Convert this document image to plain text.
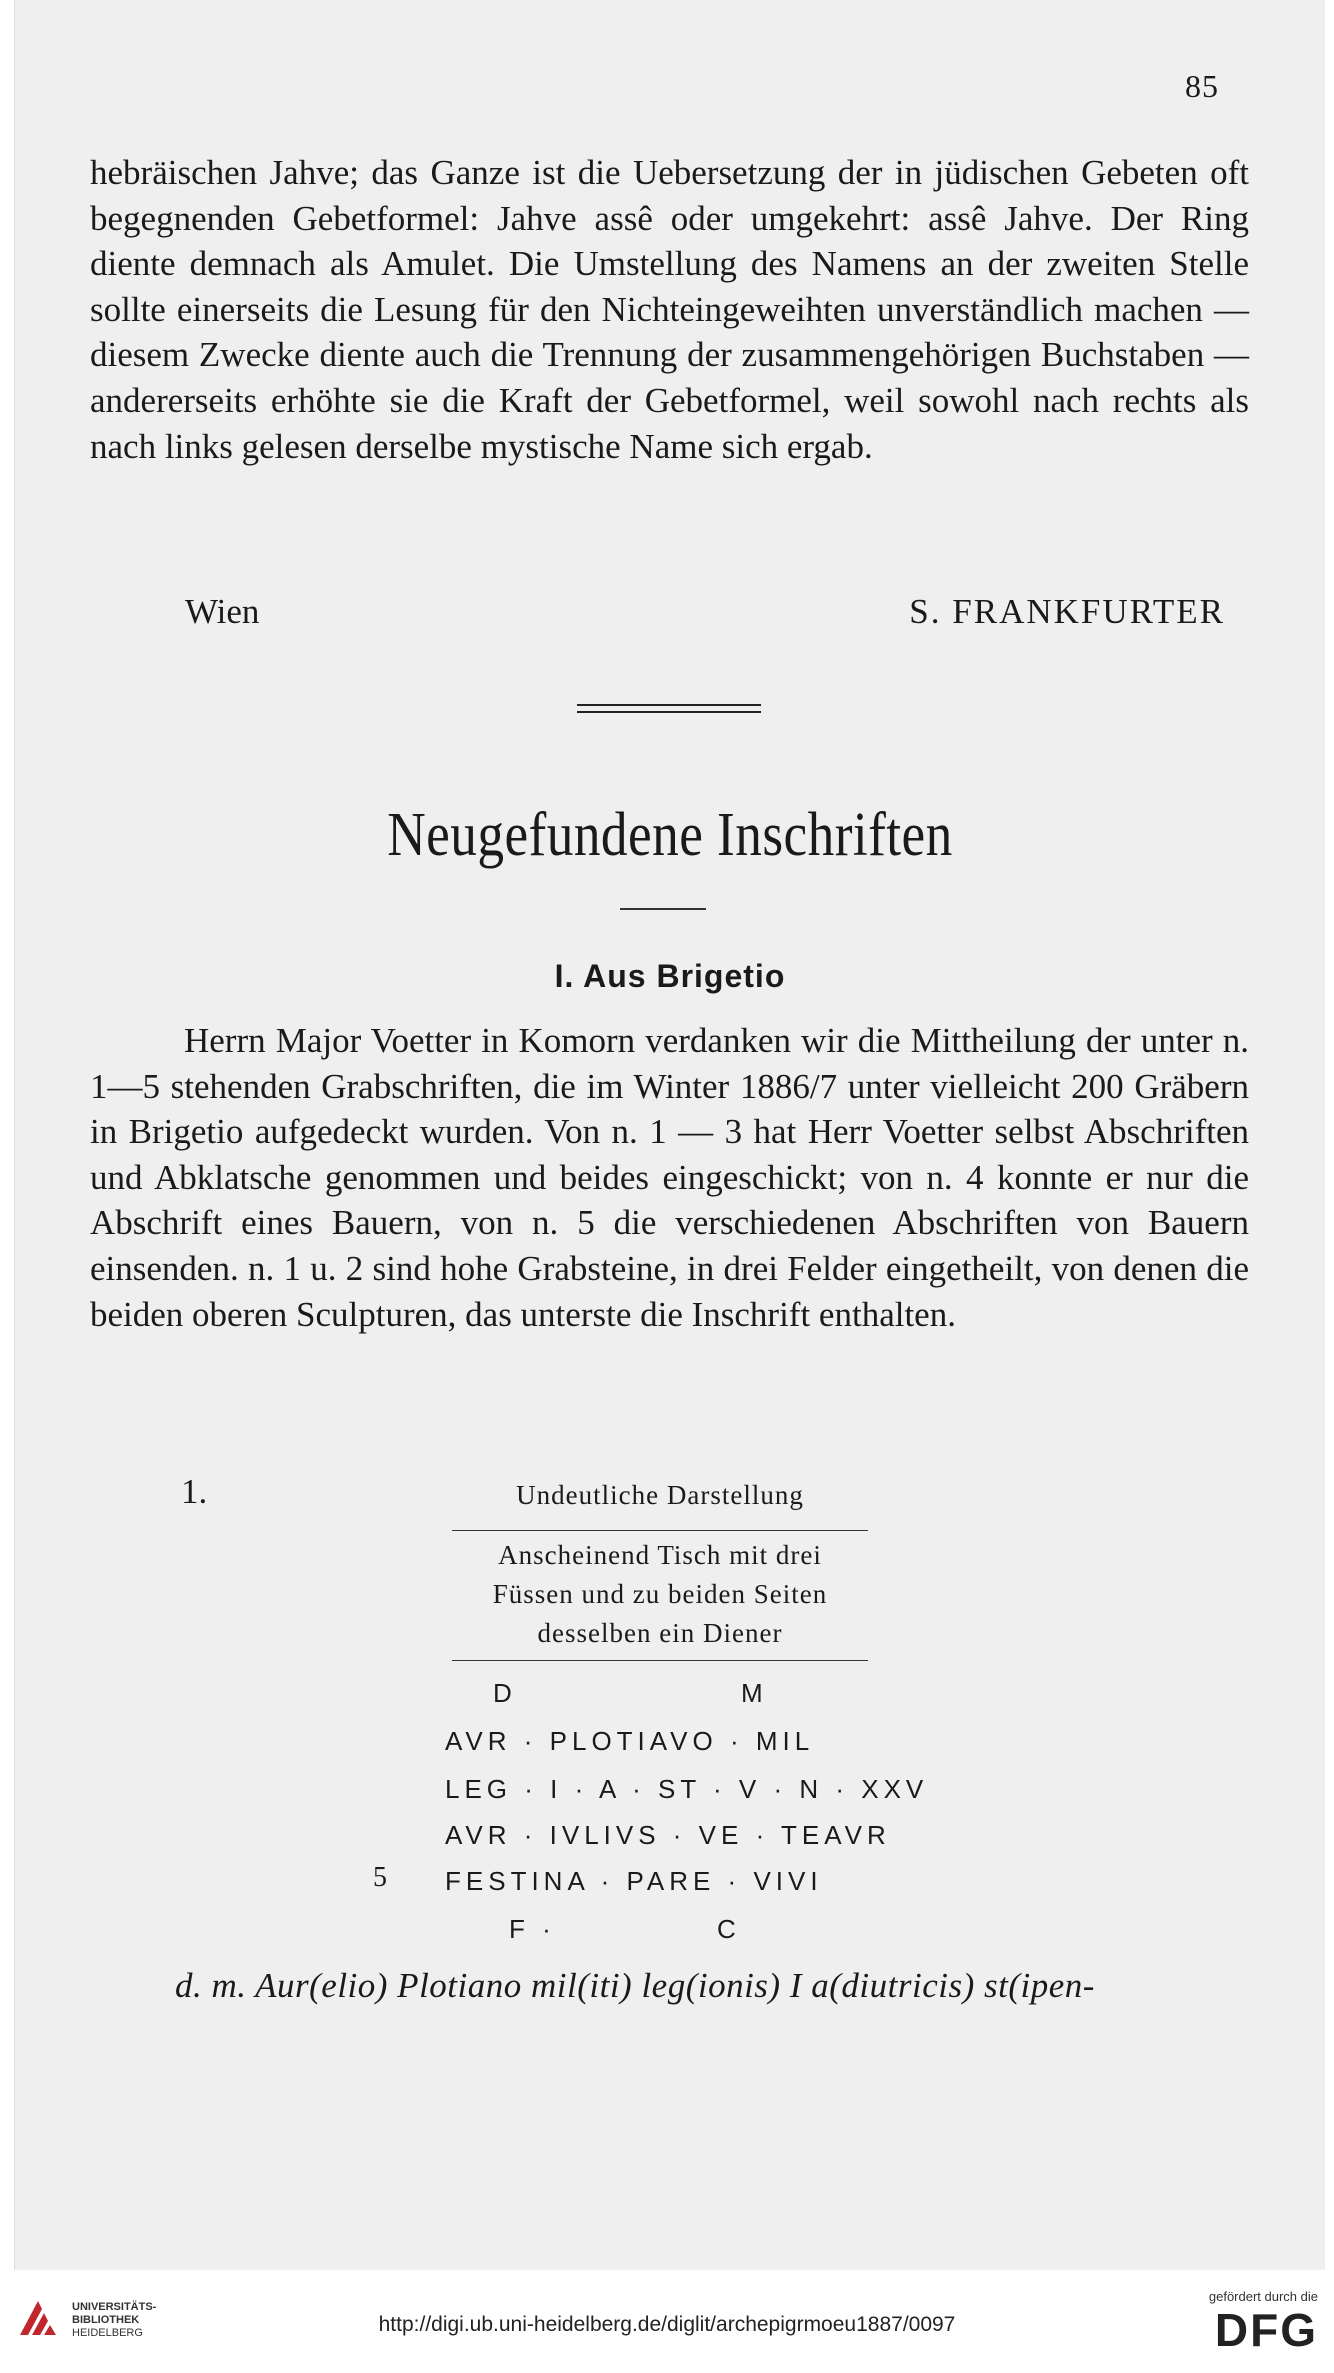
85

hebräischen Jahve; das Ganze ist die Uebersetzung der in jüdischen Gebeten oft begegnenden Gebetformel: Jahve assê oder umgekehrt: assê Jahve. Der Ring diente demnach als Amulet. Die Umstellung des Namens an der zweiten Stelle sollte einerseits die Lesung für den Nichteingeweihten unverständlich machen — diesem Zwecke diente auch die Trennung der zusammengehörigen Buchstaben — andererseits erhöhte sie die Kraft der Gebetformel, weil sowohl nach rechts als nach links gelesen derselbe mystische Name sich ergab.

Wien	S. FRANKFURTER
Neugefundene Inschriften
I. Aus Brigetio

Herrn Major Voetter in Komorn verdanken wir die Mittheilung der unter n. 1—5 stehenden Grabschriften, die im Winter 1886/7 unter vielleicht 200 Gräbern in Brigetio aufgedeckt wurden. Von n. 1 — 3 hat Herr Voetter selbst Abschriften und Abklatsche genommen und beides eingeschickt; von n. 4 konnte er nur die Abschrift eines Bauern, von n. 5 die verschiedenen Abschriften von Bauern einsenden. n. 1 u. 2 sind hohe Grabsteine, in drei Felder eingetheilt, von denen die beiden oberen Sculpturen, das unterste die Inschrift enthalten.

1.	Undeutliche Darstellung

Anscheinend Tisch mit drei

Füssen und zu beiden Seiten

desselben ein Diener

D	M
AVR · PLOTIAVO · MIL
LEG · I · A · ST · V · N · XXV
AVR · IVLIVS · VE · TEAVR
5 FESTINA · PARE · VIVI
F ·	C
d. m. Aur(elio) Plotiano mil(iti) leg(ionis) I a(diutricis) st(ipen-
UNIVERSITÄTS-
BIBLIOTHEK
HEIDELBERG	http://digi.ub.uni-heidelberg.de/diglit/archepigrmoeu1887/0097
gefördert durch die
DFG
